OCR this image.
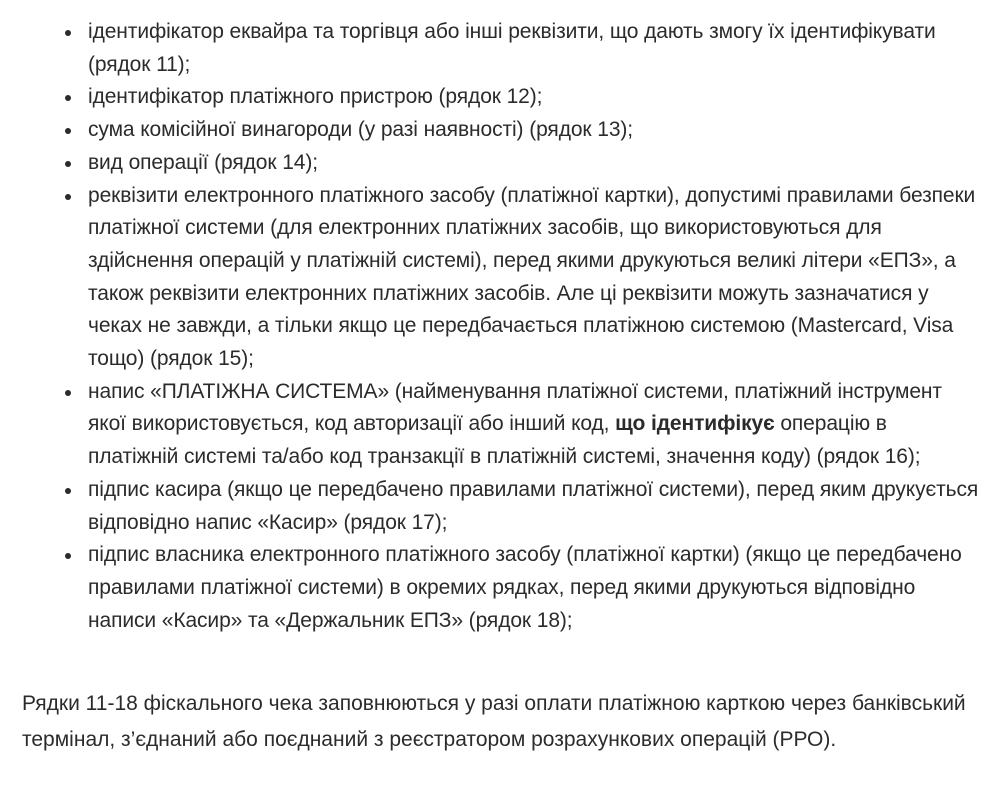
ідентифікатор еквайра та торгівця або інші реквізити, що дають змогу їх ідентифікувати (рядок 11);
ідентифікатор платіжного пристрою (рядок 12);
сума комісійної винагороди (у разі наявності) (рядок 13);
вид операції (рядок 14);
реквізити електронного платіжного засобу (платіжної картки), допустимі правилами безпеки платіжної системи (для електронних платіжних засобів, що використовуються для здійснення операцій у платіжній системі), перед якими друкуються великі літери «ЕПЗ», а також реквізити електронних платіжних засобів. Але ці реквізити можуть зазначатися у чеках не завжди, а тільки якщо це передбачається платіжною системою (Mastercard, Visa тощо) (рядок 15);
напис «ПЛАТІЖНА СИСТЕМА» (найменування платіжної системи, платіжний інструмент якої використовується, код авторизації або інший код, що ідентифікує операцію в платіжній системі та/або код транзакції в платіжній системі, значення коду) (рядок 16);
підпис касира (якщо це передбачено правилами платіжної системи), перед яким друкується відповідно напис «Касир» (рядок 17);
підпис власника електронного платіжного засобу (платіжної картки) (якщо це передбачено правилами платіжної системи) в окремих рядках, перед якими друкуються відповідно написи «Касир» та «Держальник ЕПЗ» (рядок 18);

Рядки 11-18 фіскального чека заповнюються у разі оплати платіжною карткою через банківський термінал, з’єднаний або поєднаний з реєстратором розрахункових операцій (РРО).
